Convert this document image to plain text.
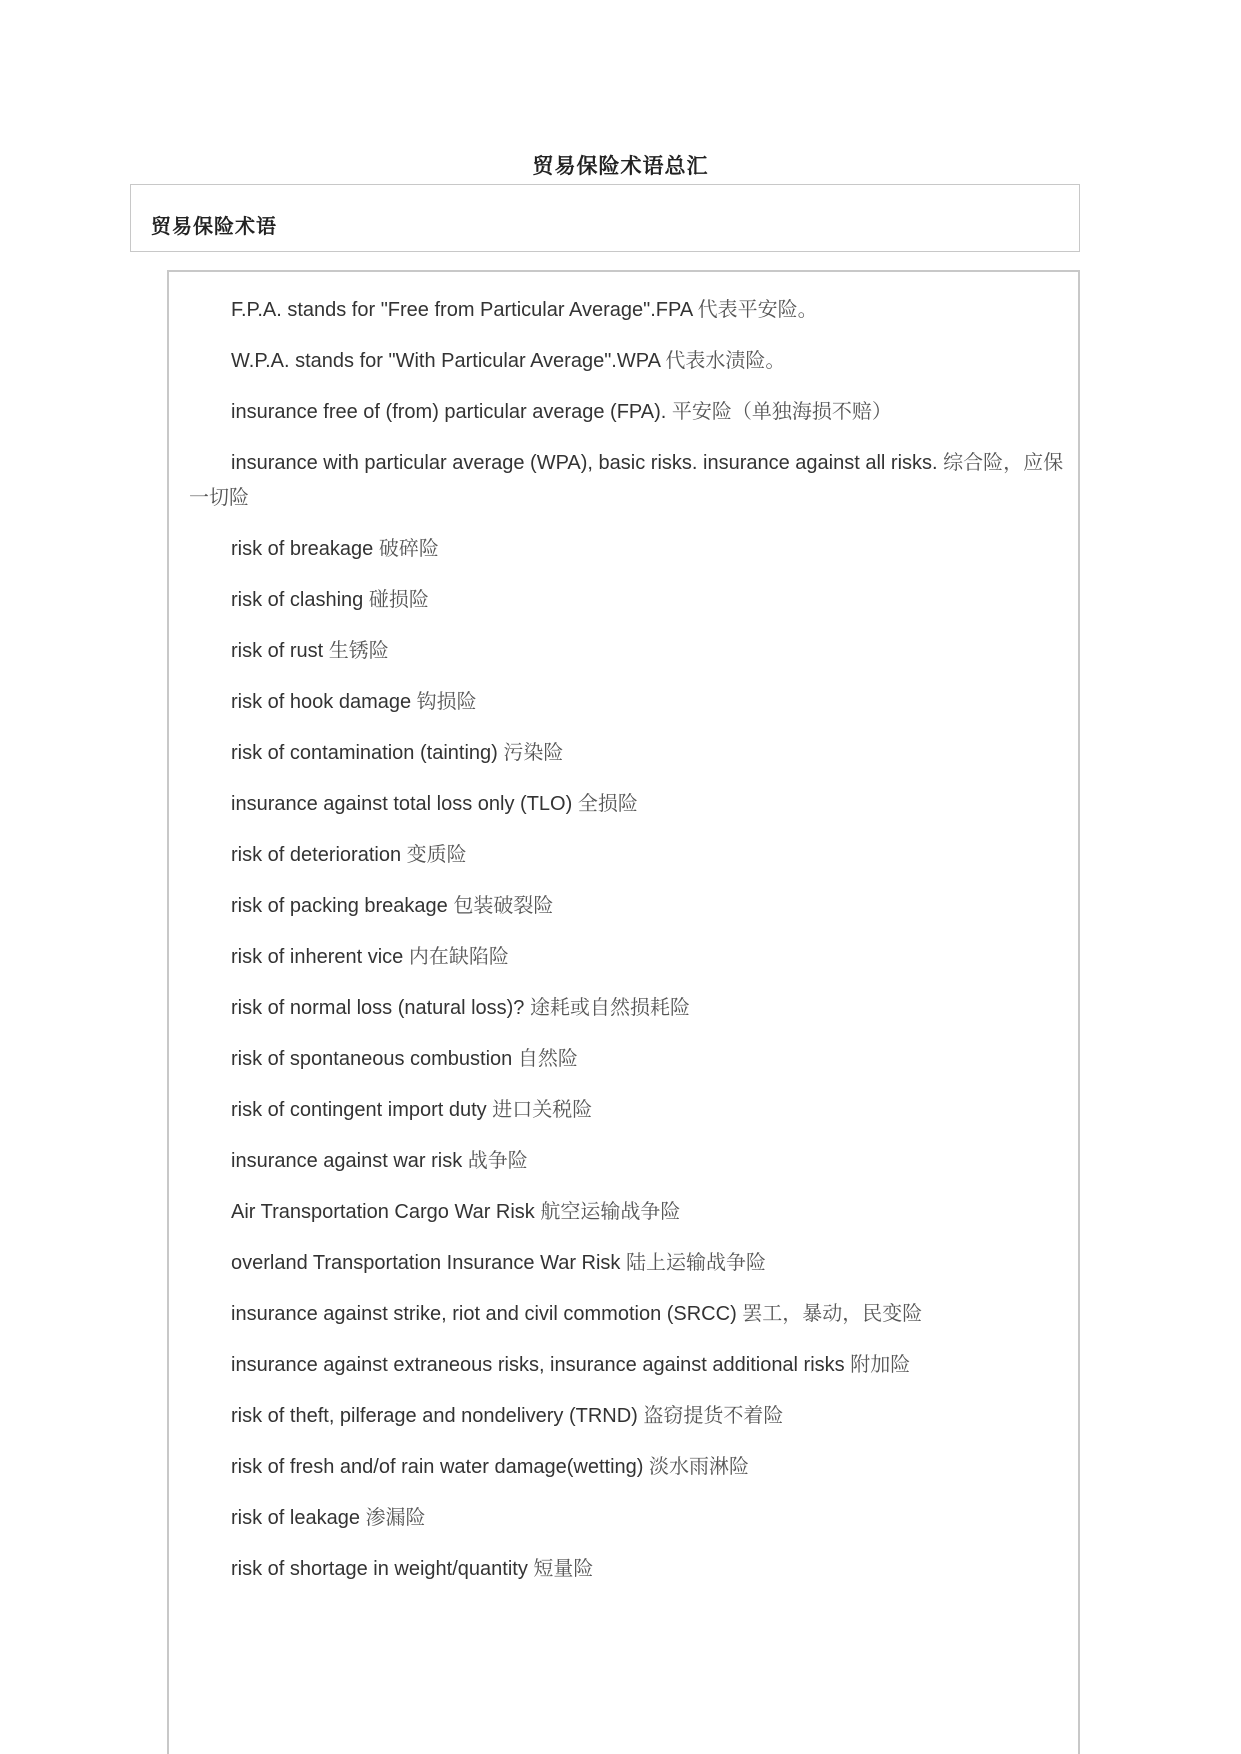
贸易保险术语总汇
贸易保险术语
F.P.A. stands for "Free from Particular Average".FPA 代表平安险。
W.P.A. stands for "With Particular Average".WPA 代表水渍险。
insurance free of (from) particular average (FPA). 平安险（单独海损不赔）
insurance with particular average (WPA), basic risks. insurance against all risks. 综合险，应保一切险
risk of breakage 破碎险
risk of clashing 碰损险
risk of rust 生锈险
risk of hook damage 钩损险
risk of contamination (tainting) 污染险
insurance against total loss only (TLO) 全损险
risk of deterioration 变质险
risk of packing breakage 包装破裂险
risk of inherent vice 内在缺陷险
risk of normal loss (natural loss)? 途耗或自然损耗险
risk of spontaneous combustion 自然险
risk of contingent import duty 进口关税险
insurance against war risk 战争险
Air Transportation Cargo War Risk 航空运输战争险
overland Transportation Insurance War Risk 陆上运输战争险
insurance against strike, riot and civil commotion (SRCC) 罢工，暴动，民变险
insurance against extraneous risks, insurance against additional risks 附加险
risk of theft, pilferage and nondelivery (TRND) 盗窃提货不着险
risk of fresh and/of rain water damage(wetting) 淡水雨淋险
risk of leakage 渗漏险
risk of shortage in weight/quantity 短量险
